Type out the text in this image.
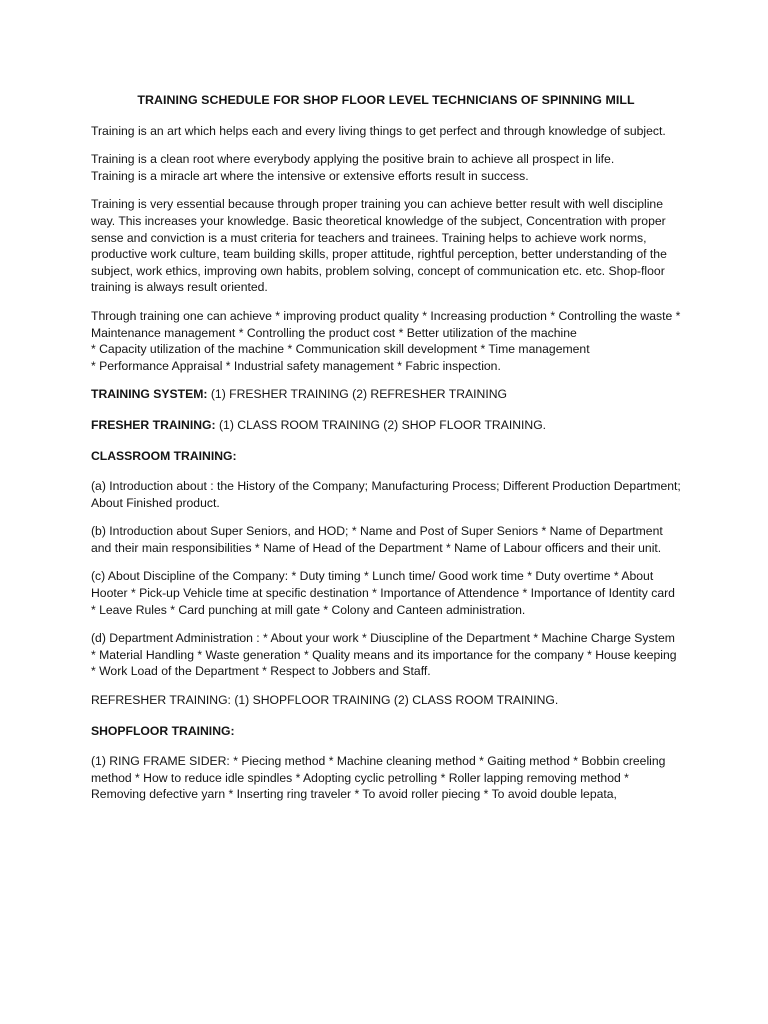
TRAINING SCHEDULE FOR SHOP FLOOR LEVEL TECHNICIANS OF SPINNING MILL
Training is an art which helps each and every living things to get perfect and through knowledge of subject.
Training is a clean root where everybody applying the positive brain to achieve all prospect in life.
Training is a miracle art where the intensive or extensive efforts result in success.
Training is very essential because through proper training you can achieve better result with well discipline way. This increases your knowledge. Basic theoretical knowledge of the subject, Concentration with proper sense and conviction is a must criteria for teachers and trainees. Training helps to achieve work norms, productive work culture, team building skills, proper attitude, rightful perception, better understanding of the subject, work ethics, improving own habits, problem solving, concept of communication etc. etc. Shop-floor training is always result oriented.
Through training one can achieve * improving product quality * Increasing production * Controlling the waste * Maintenance management * Controlling the product cost * Better utilization of the machine
* Capacity utilization of the machine * Communication skill development * Time management
* Performance Appraisal * Industrial safety management * Fabric inspection.
TRAINING SYSTEM: (1) FRESHER TRAINING (2) REFRESHER TRAINING
FRESHER TRAINING: (1) CLASS ROOM TRAINING (2) SHOP FLOOR TRAINING.
CLASSROOM TRAINING:
(a) Introduction about : the History of the Company; Manufacturing Process; Different Production Department; About Finished product.
(b) Introduction about Super Seniors, and HOD; * Name and Post of Super Seniors * Name of Department and their main responsibilities * Name of Head of the Department * Name of Labour officers and their unit.
(c) About Discipline of the Company: * Duty timing * Lunch time/ Good work time * Duty overtime * About Hooter * Pick-up Vehicle time at specific destination * Importance of Attendence * Importance of Identity card * Leave Rules * Card punching at mill gate * Colony and Canteen administration.
(d) Department Administration : * About your work * Diuscipline of the Department * Machine Charge System * Material Handling * Waste generation * Quality means and its importance for the company * House keeping * Work Load of the Department * Respect to Jobbers and Staff.
REFRESHER TRAINING: (1) SHOPFLOOR TRAINING (2) CLASS ROOM TRAINING.
SHOPFLOOR TRAINING:
(1) RING FRAME SIDER: * Piecing method * Machine cleaning method * Gaiting method * Bobbin creeling method * How to reduce idle spindles * Adopting cyclic petrolling * Roller lapping removing method * Removing defective yarn * Inserting ring traveler * To avoid roller piecing * To avoid double lepata,
